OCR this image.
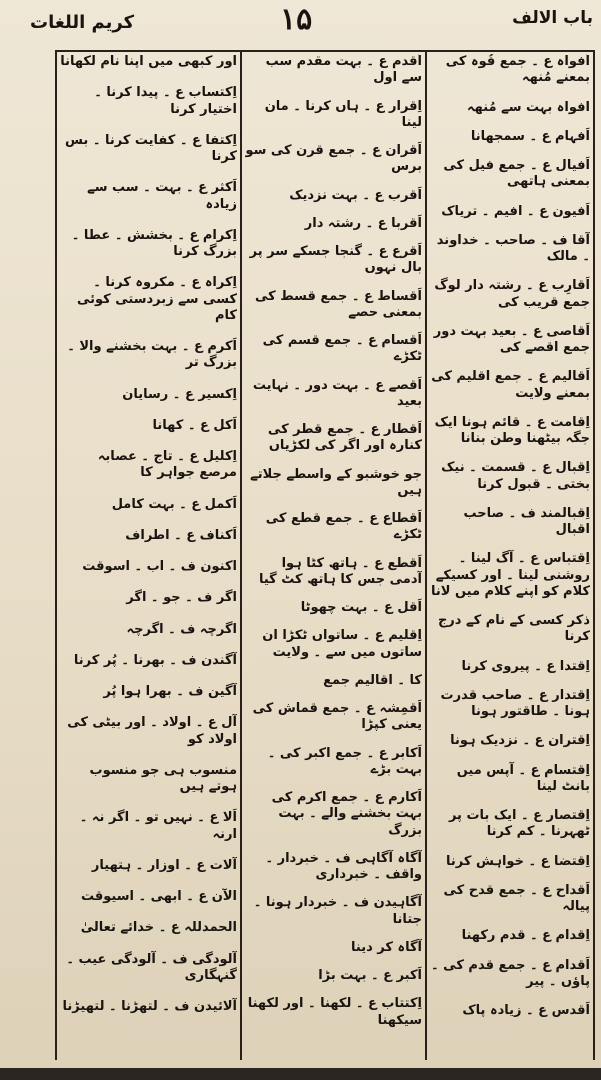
باب الالف
۱۵
کریم اللغات
اَفواہ ع ۔ جمع فُوہ کی بمعنے مُنھہ
افواہ بہت سے مُنھہ
اَفہام ع ۔ سمجھانا
اَفیال ع ۔ جمع فیل کی بمعنی ہاتھی
اَفیون ع ۔ افیم ۔ تریاک
آقا ف ۔ صاحب ۔ خداوند ۔ مالک
اَقارِب ع ۔ رشتہ دار لوگ جمع قریب کی
اَقاصی ع ۔ بعید بہت دور جمع اقصے کی
اَقالیم ع ۔ جمع اقلیم کی بمعنے ولایت
اِقامت ع ۔ قائم ہونا ایک جگہ بیٹھنا وطن بنانا
اِقبال ع ۔ قسمت ۔ نیک بختی ۔ قبول کرنا
اِقبالمند ف ۔ صاحب اقبال
اِقتباس ع ۔ آگ لینا ۔ روشنی لینا ۔ اور کسیکے کلام کو اپنے کلام میں لانا
ذکر کسی کے نام کے درج کرنا
اِقتدا ع ۔ پیروی کرنا
اِقتدار ع ۔ صاحب قدرت ہونا ۔ طاقتور ہونا
اِقتران ع ۔ نزدیک ہونا
اِقتسام ع ۔ آپس میں بانٹ لینا
اِقتصار ع ۔ ایک بات پر ٹھہرنا ۔ کم کرنا
اِقتضا ع ۔ خواہش کرنا
اَقداح ع ۔ جمع قدح کی پیالہ
اِقدام ع ۔ قدم رکھنا
اَقدام ع ۔ جمع قدم کی ۔ پاؤں ۔ پیر
اَقدس ع ۔ زیادہ پاک
اَقدم ع ۔ بہت مقدم سب سے اول
اِقرار ع ۔ ہاں کرنا ۔ مان لینا
اَقران ع ۔ جمع قرن کی سو برس
اَقرب ع ۔ بہت نزدیک
اَقربا ع ۔ رشتہ دار
اَقرع ع ۔ گنجا جسکے سر پر بال نہوں
اَقساط ع ۔ جمع قسط کی بمعنی حصے
اَقسام ع ۔ جمع قسم کی ٹکڑے
اَقصے ع ۔ بہت دور ۔ نہایت بعید
اَقطار ع ۔ جمع قطر کی کنارہ اور اگر کی لکڑیاں
جو خوشبو کے واسطے جلاتے ہیں
اَقطاع ع ۔ جمع قطع کی ٹکڑے
اَقطع ع ۔ ہاتھ کٹا ہوا آدمی جس کا ہاتھ کٹ گیا
اَقل ع ۔ بہت چھوٹا
اِقلیم ع ۔ ساتواں ٹکڑا ان ساتوں میں سے ۔ ولایت
کا ۔ اقالیم جمع
اَقمِشہ ع ۔ جمع قماش کی یعنی کپڑا
اَکابر ع ۔ جمع اکبر کی ۔ بہت بڑے
اَکارم ع ۔ جمع اکرم کی بہت بخشنے والے ۔ بہت بزرگ
آگاہ آگاہی ف ۔ خبردار ۔ واقف ۔ خبرداری
آگاہیدن ف ۔ خبردار ہونا ۔ جتانا
آگاہ کر دینا
اَکبر ع ۔ بہت بڑا
اِکتتاب ع ۔ لکھنا ۔ اور لکھنا سیکھنا
اور کبھی میں اپنا نام لکھانا
اِکتساب ع ۔ پیدا کرنا ۔ اختیار کرنا
اِکتفا ع ۔ کفایت کرنا ۔ بس کرنا
اَکثر ع ۔ بہت ۔ سب سے زیادہ
اِکرام ع ۔ بخشش ۔ عطا ۔ بزرگ کرنا
اِکراہ ع ۔ مکروہ کرنا ۔ کسی سے زبردستی کوئی کام
اَکرم ع ۔ بہت بخشنے والا ۔ بزرگ تر
اِکسیر ع ۔ رسایان
اَکل ع ۔ کھانا
اِکلیل ع ۔ تاج ۔ عصابہ مرصع جواہر کا
اَکمل ع ۔ بہت کامل
اَکناف ع ۔ اطراف
اکنون ف ۔ اب ۔ اسوقت
اگر ف ۔ جو ۔ اگر
اگرچہ ف ۔ اگرچہ
آگندن ف ۔ بھرنا ۔ پُر کرنا
آگین ف ۔ بھرا ہوا پُر
آل ع ۔ اولاد ۔ اور بیٹی کی اولاد کو
منسوب ہی جو منسوب ہوتے ہیں
اَلا ع ۔ نہیں تو ۔ اگر نہ ۔ ارنہ
آلات ع ۔ اوزار ۔ ہتھیار
الآن ع ۔ ابھی ۔ اسیوقت
الحمدللہ ع ۔ خدائے تعالیٰ
آلودگی ف ۔ آلودگی عیب ۔ گنہگاری
آلائیدن ف ۔ لتھڑنا ۔ لتھیڑنا
